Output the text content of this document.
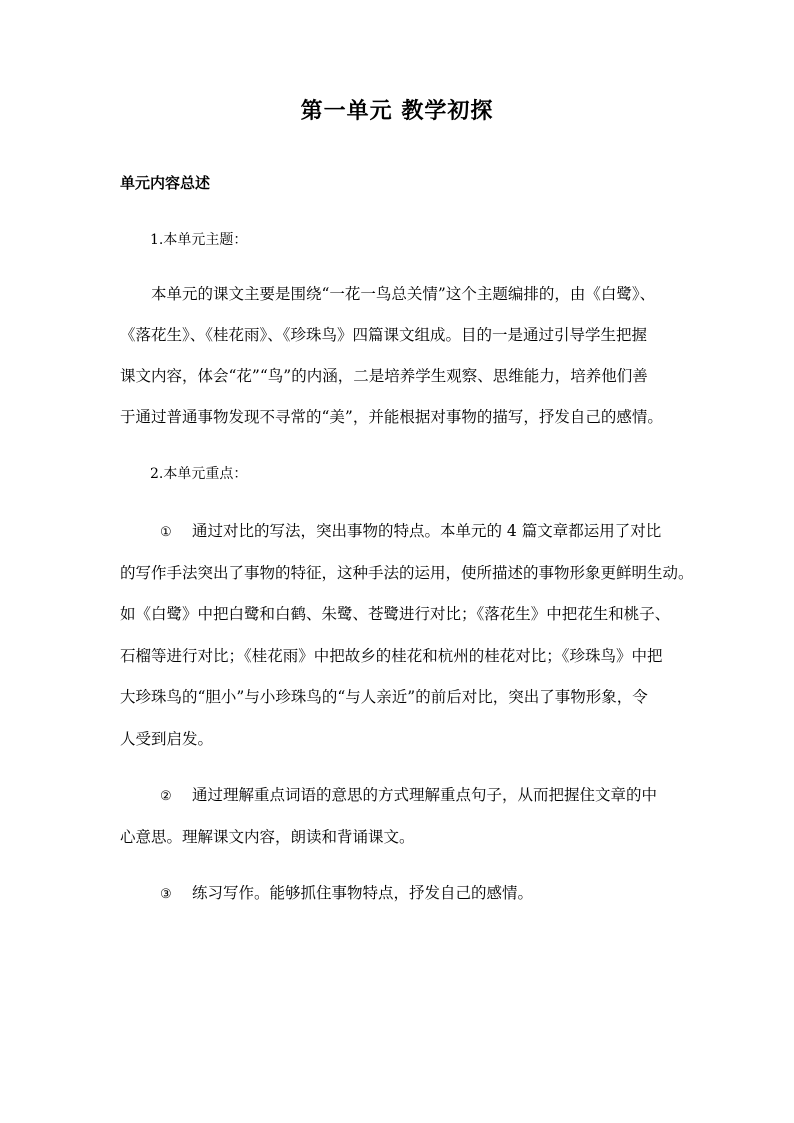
第一单元 教学初探
单元内容总述
1.本单元主题：
　　本单元的课文主要是围绕“一花一鸟总关情”这个主题编排的，由《白鹭》、
《落花生》、《桂花雨》、《珍珠鸟》四篇课文组成。目的一是通过引导学生把握
课文内容，体会“花”“鸟”的内涵，二是培养学生观察、思维能力，培养他们善
于通过普通事物发现不寻常的“美”，并能根据对事物的描写，抒发自己的感情。
2.本单元重点：
① 通过对比的写法，突出事物的特点。本单元的 4 篇文章都运用了对比
的写作手法突出了事物的特征，这种手法的运用，使所描述的事物形象更鲜明生动。
如《白鹭》中把白鹭和白鹤、朱鹭、苍鹭进行对比；《落花生》中把花生和桃子、
石榴等进行对比；《桂花雨》中把故乡的桂花和杭州的桂花对比；《珍珠鸟》中把
大珍珠鸟的“胆小”与小珍珠鸟的“与人亲近”的前后对比，突出了事物形象，令
人受到启发。
② 通过理解重点词语的意思的方式理解重点句子，从而把握住文章的中
心意思。理解课文内容，朗读和背诵课文。
③ 练习写作。能够抓住事物特点，抒发自己的感情。
